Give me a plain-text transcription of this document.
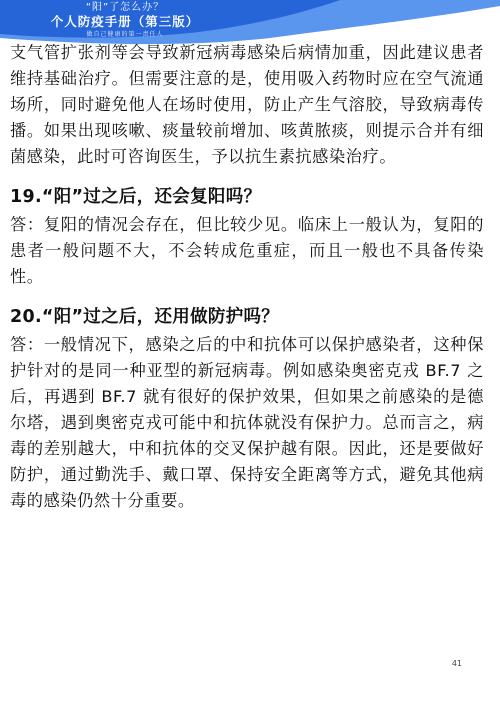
“阳”了怎么办？
个人防疫手册（第三版）
做自己健康的第一责任人

支气管扩张剂等会导致新冠病毒感染后病情加重，因此建议患者维持基础治疗。但需要注意的是，使用吸入药物时应在空气流通场所，同时避免他人在场时使用，防止产生气溶胶，导致病毒传播。如果出现咳嗽、痰量较前增加、咳黄脓痰，则提示合并有细菌感染，此时可咨询医生，予以抗生素抗感染治疗。

19.“阳”过之后，还会复阳吗？

答：复阳的情况会存在，但比较少见。临床上一般认为，复阳的患者一般问题不大，不会转成危重症，而且一般也不具备传染性。

20.“阳”过之后，还用做防护吗？

答：一般情况下，感染之后的中和抗体可以保护感染者，这种保护针对的是同一种亚型的新冠病毒。例如感染奥密克戎 BF.7 之后，再遇到 BF.7 就有很好的保护效果，但如果之前感染的是德尔塔，遇到奥密克戎可能中和抗体就没有保护力。总而言之，病毒的差别越大，中和抗体的交叉保护越有限。因此，还是要做好防护，通过勤洗手、戴口罩、保持安全距离等方式，避免其他病毒的感染仍然十分重要。

41
